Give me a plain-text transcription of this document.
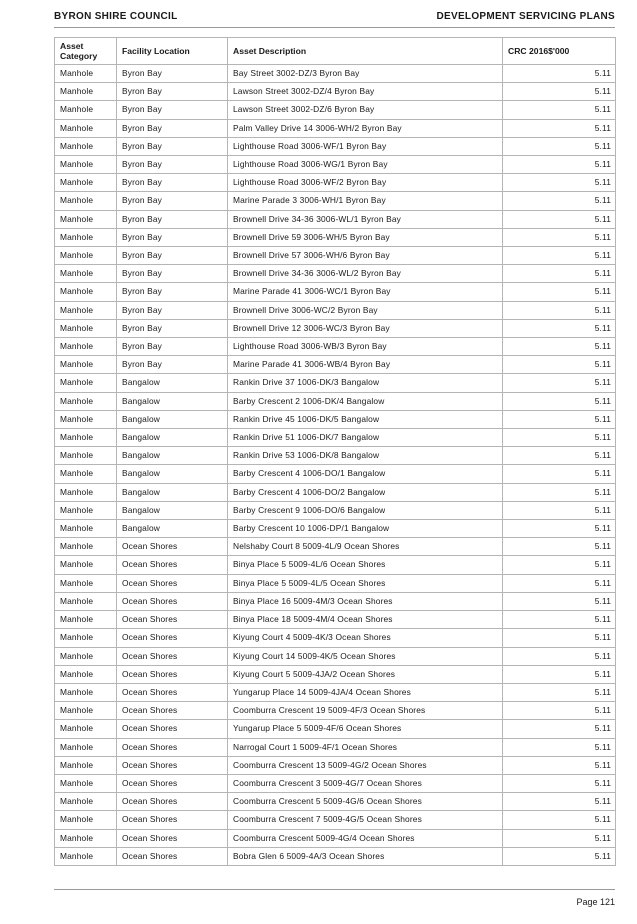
BYRON SHIRE COUNCIL	DEVELOPMENT SERVICING PLANS
Asset Category	Facility Location	Asset Description	CRC 2016$'000
Manhole	Byron Bay	Bay Street 3002-DZ/3 Byron Bay	5.11
Manhole	Byron Bay	Lawson Street 3002-DZ/4 Byron Bay	5.11
Manhole	Byron Bay	Lawson Street 3002-DZ/6 Byron Bay	5.11
Manhole	Byron Bay	Palm Valley Drive 14 3006-WH/2 Byron Bay	5.11
Manhole	Byron Bay	Lighthouse Road 3006-WF/1 Byron Bay	5.11
Manhole	Byron Bay	Lighthouse Road 3006-WG/1 Byron Bay	5.11
Manhole	Byron Bay	Lighthouse Road 3006-WF/2 Byron Bay	5.11
Manhole	Byron Bay	Marine Parade 3 3006-WH/1 Byron Bay	5.11
Manhole	Byron Bay	Brownell Drive 34-36 3006-WL/1 Byron Bay	5.11
Manhole	Byron Bay	Brownell Drive 59 3006-WH/5 Byron Bay	5.11
Manhole	Byron Bay	Brownell Drive 57 3006-WH/6 Byron Bay	5.11
Manhole	Byron Bay	Brownell Drive 34-36 3006-WL/2 Byron Bay	5.11
Manhole	Byron Bay	Marine Parade 41 3006-WC/1 Byron Bay	5.11
Manhole	Byron Bay	Brownell Drive 3006-WC/2 Byron Bay	5.11
Manhole	Byron Bay	Brownell Drive 12 3006-WC/3 Byron Bay	5.11
Manhole	Byron Bay	Lighthouse Road 3006-WB/3 Byron Bay	5.11
Manhole	Byron Bay	Marine Parade 41 3006-WB/4 Byron Bay	5.11
Manhole	Bangalow	Rankin Drive 37 1006-DK/3 Bangalow	5.11
Manhole	Bangalow	Barby Crescent 2 1006-DK/4 Bangalow	5.11
Manhole	Bangalow	Rankin Drive 45 1006-DK/5 Bangalow	5.11
Manhole	Bangalow	Rankin Drive 51 1006-DK/7 Bangalow	5.11
Manhole	Bangalow	Rankin Drive 53 1006-DK/8 Bangalow	5.11
Manhole	Bangalow	Barby Crescent 4 1006-DO/1 Bangalow	5.11
Manhole	Bangalow	Barby Crescent 4 1006-DO/2 Bangalow	5.11
Manhole	Bangalow	Barby Crescent 9 1006-DO/6 Bangalow	5.11
Manhole	Bangalow	Barby Crescent 10 1006-DP/1 Bangalow	5.11
Manhole	Ocean Shores	Nelshaby Court 8 5009-4L/9 Ocean Shores	5.11
Manhole	Ocean Shores	Binya Place 5 5009-4L/6 Ocean Shores	5.11
Manhole	Ocean Shores	Binya Place 5 5009-4L/5 Ocean Shores	5.11
Manhole	Ocean Shores	Binya Place 16 5009-4M/3 Ocean Shores	5.11
Manhole	Ocean Shores	Binya Place 18 5009-4M/4 Ocean Shores	5.11
Manhole	Ocean Shores	Kiyung Court 4 5009-4K/3 Ocean Shores	5.11
Manhole	Ocean Shores	Kiyung Court 14 5009-4K/5 Ocean Shores	5.11
Manhole	Ocean Shores	Kiyung Court 5 5009-4JA/2 Ocean Shores	5.11
Manhole	Ocean Shores	Yungarup Place 14 5009-4JA/4 Ocean Shores	5.11
Manhole	Ocean Shores	Coomburra Crescent 19 5009-4F/3 Ocean Shores	5.11
Manhole	Ocean Shores	Yungarup Place 5 5009-4F/6 Ocean Shores	5.11
Manhole	Ocean Shores	Narrogal Court 1 5009-4F/1 Ocean Shores	5.11
Manhole	Ocean Shores	Coomburra Crescent 13 5009-4G/2 Ocean Shores	5.11
Manhole	Ocean Shores	Coomburra Crescent 3 5009-4G/7 Ocean Shores	5.11
Manhole	Ocean Shores	Coomburra Crescent 5 5009-4G/6 Ocean Shores	5.11
Manhole	Ocean Shores	Coomburra Crescent 7 5009-4G/5 Ocean Shores	5.11
Manhole	Ocean Shores	Coomburra Crescent 5009-4G/4 Ocean Shores	5.11
Manhole	Ocean Shores	Bobra Glen 6 5009-4A/3 Ocean Shores	5.11
Page 121
